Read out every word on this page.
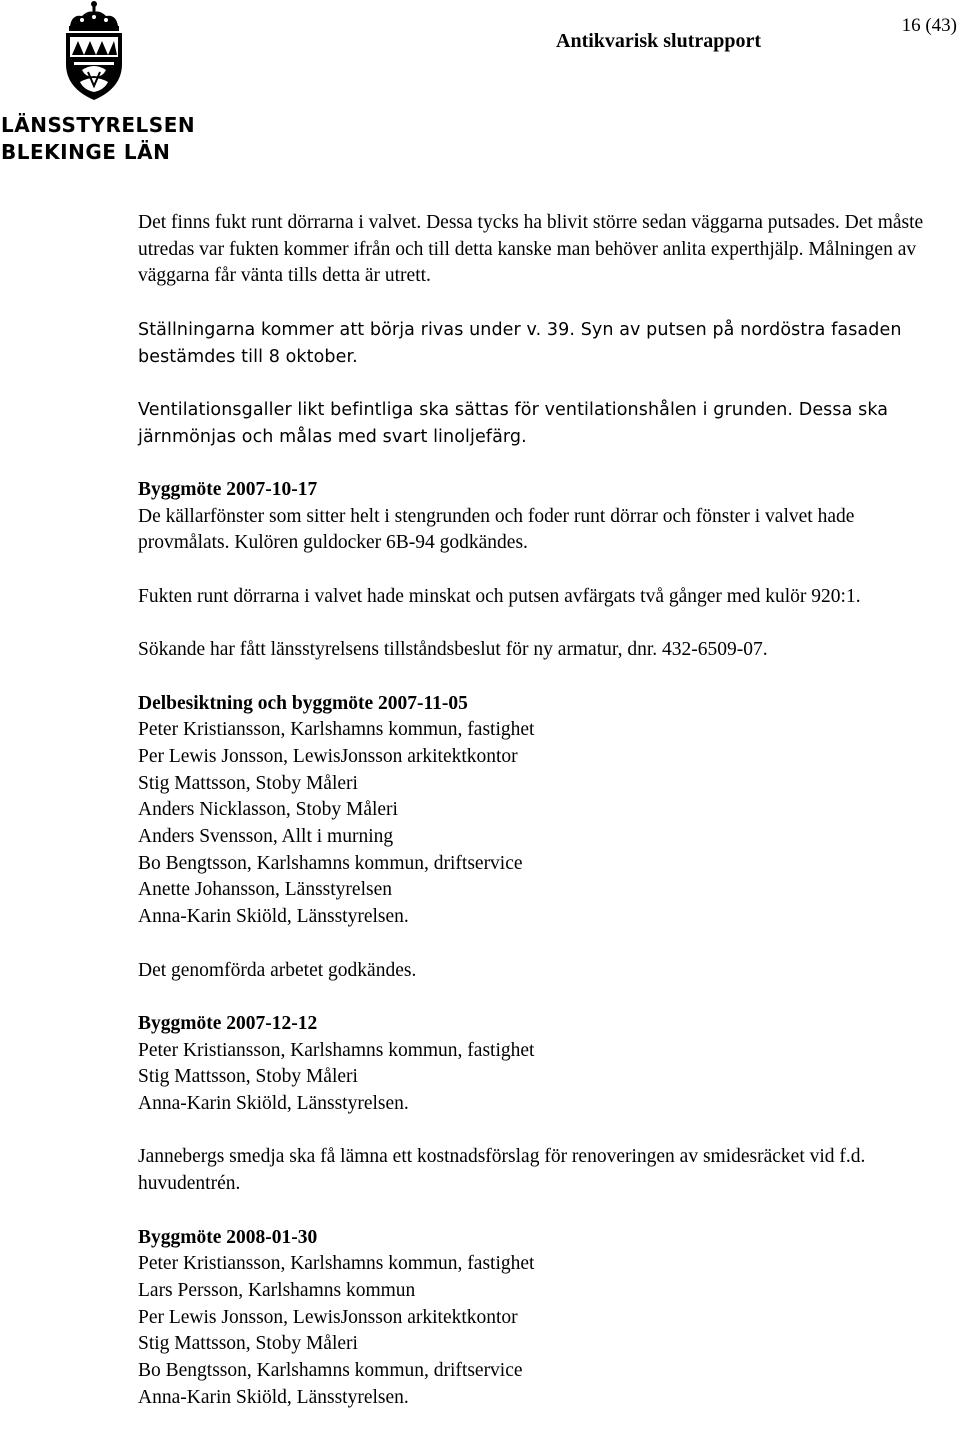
LÄNSSTYRELSEN
BLEKINGE LÄN
Antikvarisk slutrapport
16 (43)

Det finns fukt runt dörrarna i valvet. Dessa tycks ha blivit större sedan väggarna putsades. Det måste utredas var fukten kommer ifrån och till detta kanske man behöver anlita experthjälp. Målningen av väggarna får vänta tills detta är utrett.

Ställningarna kommer att börja rivas under v. 39. Syn av putsen på nordöstra fasaden bestämdes till 8 oktober.

Ventilationsgaller likt befintliga ska sättas för ventilationshålen i grunden. Dessa ska järnmönjas och målas med svart linoljefärg.

Byggmöte 2007-10-17
De källarfönster som sitter helt i stengrunden och foder runt dörrar och fönster i valvet hade provmålats. Kulören guldocker 6B-94 godkändes.

Fukten runt dörrarna i valvet hade minskat och putsen avfärgats två gånger med kulör 920:1.

Sökande har fått länsstyrelsens tillståndsbeslut för ny armatur, dnr. 432-6509-07.

Delbesiktning och byggmöte 2007-11-05
Peter Kristiansson, Karlshamns kommun, fastighet
Per Lewis Jonsson, LewisJonsson arkitektkontor
Stig Mattsson, Stoby Måleri
Anders Nicklasson, Stoby Måleri
Anders Svensson, Allt i murning
Bo Bengtsson, Karlshamns kommun, driftservice
Anette Johansson, Länsstyrelsen
Anna-Karin Skiöld, Länsstyrelsen.

Det genomförda arbetet godkändes.

Byggmöte 2007-12-12
Peter Kristiansson, Karlshamns kommun, fastighet
Stig Mattsson, Stoby Måleri
Anna-Karin Skiöld, Länsstyrelsen.

Jannebergs smedja ska få lämna ett kostnadsförslag för renoveringen av smidesräcket vid f.d. huvudentrén.

Byggmöte 2008-01-30
Peter Kristiansson, Karlshamns kommun, fastighet
Lars Persson, Karlshamns kommun
Per Lewis Jonsson, LewisJonsson arkitektkontor
Stig Mattsson, Stoby Måleri
Bo Bengtsson, Karlshamns kommun, driftservice
Anna-Karin Skiöld, Länsstyrelsen.
